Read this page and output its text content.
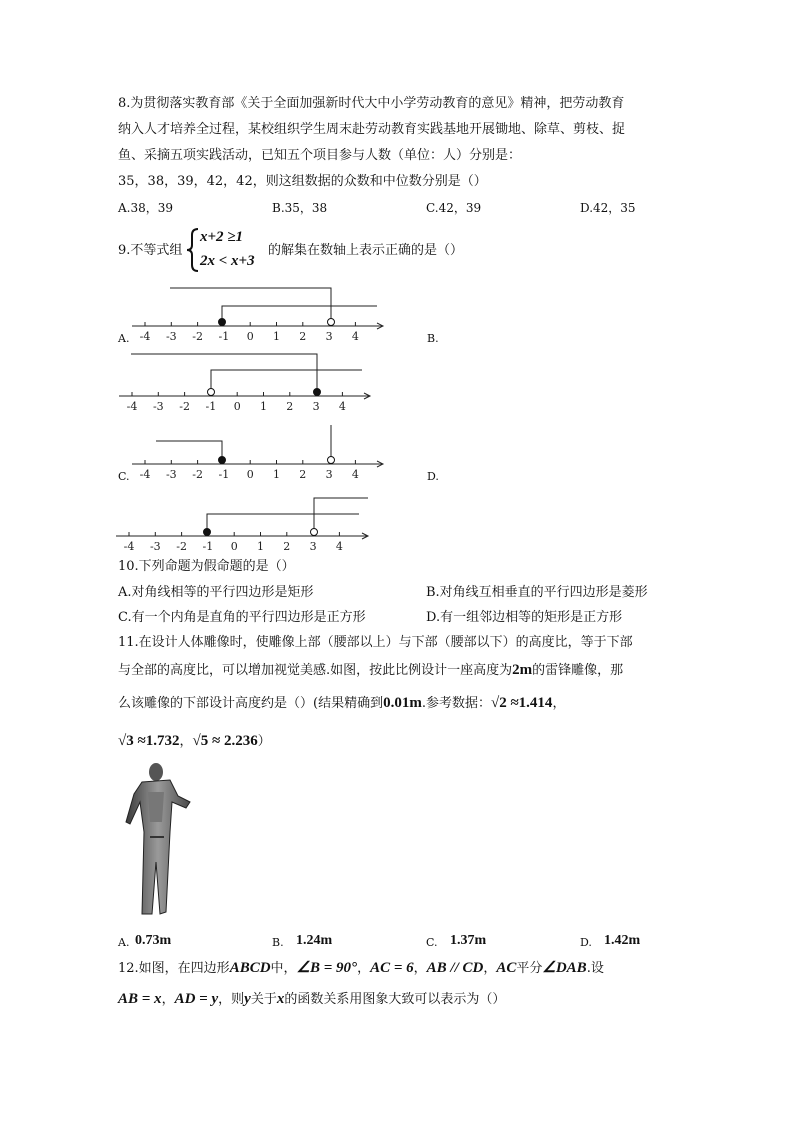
8.为贯彻落实教育部《关于全面加强新时代大中小学劳动教育的意见》精神，把劳动教育
纳入人才培养全过程，某校组织学生周末赴劳动教育实践基地开展锄地、除草、剪枝、捉
鱼、采摘五项实践活动，已知五个项目参与人数（单位：人）分别是：
35，38，39，42，42，则这组数据的众数和中位数分别是（）
A.38，39	B.35，38	C.42，39	D.42，35
9.不等式组
x+2 ≥1
2x < x+3
的解集在数轴上表示正确的是（）
A.	B.
C.	D.
-4 -3 -2 -1 0 1 2 3 4
-4 -3 -2 -1 0 1 2 3 4
-4 -3 -2 -1 0 1 2 3 4
-4 -3 -2 -1 0 1 2 3 4
10.下列命题为假命题的是（）
A.对角线相等的平行四边形是矩形	B.对角线互相垂直的平行四边形是菱形
C.有一个内角是直角的平行四边形是正方形	D.有一组邻边相等的矩形是正方形
11.在设计人体雕像时，使雕像上部（腰部以上）与下部（腰部以下）的高度比，等于下部
与全部的高度比，可以增加视觉美感.如图，按此比例设计一座高度为2m的雷锋雕像，那
么该雕像的下部设计高度约是（）(结果精确到0.01m.参考数据：√2 ≈1.414，
√3 ≈1.732，√5 ≈ 2.236）
A. 0.73m	B. 1.24m	C. 1.37m	D. 1.42m
12.如图，在四边形ABCD中，∠B = 90°，AC = 6，AB // CD，AC平分∠DAB.设
AB = x，AD = y，则y关于x的函数关系用图象大致可以表示为（）
